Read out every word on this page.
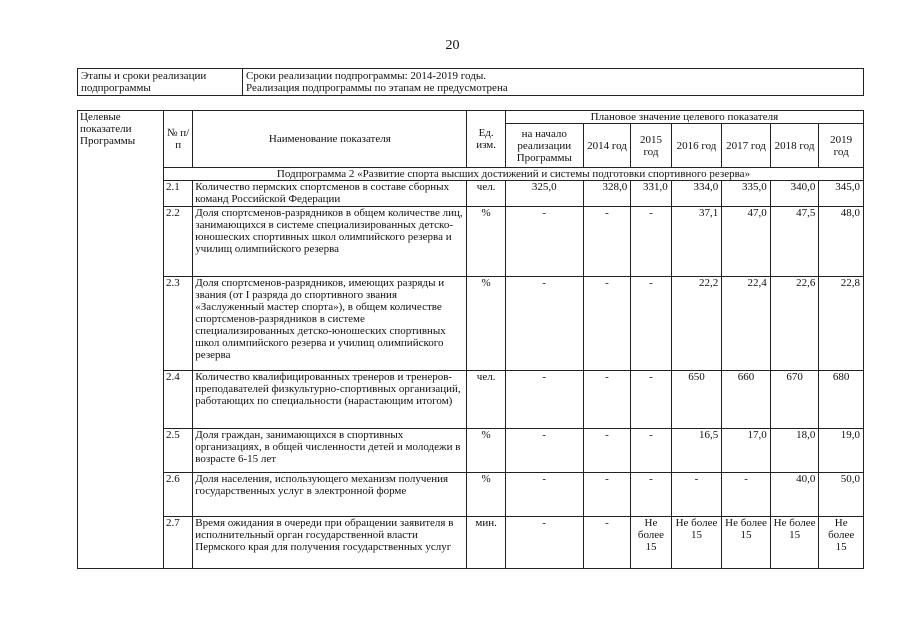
20
Этапы и сроки реализации подпрограммы	
Сроки реализации подпрограммы: 2014-2019 годы.
Реализация подпрограммы по этапам не предусмотрена
Целевые показатели Программы	№ п/п	Наименование показателя	Ед. изм.	Плановое значение целевого показателя						
				на начало реализации Программы	2014 год	2015 год	2016 год	2017 год	2018 год	2019 год
	Подпрограмма 2 «Развитие спорта высших достижений и системы подготовки спортивного резерва»									
	2.1	Количество пермских спортсменов в составе сборных команд Российской Федерации	чел.	325,0	328,0	331,0	334,0	335,0	340,0	345,0
	2.2	Доля спортсменов-разрядников в общем количестве лиц, занимающихся в системе специализированных детско-юношеских спортивных школ олимпийского резерва и училищ олимпийского резерва	%	-	-	-	37,1	47,0	47,5	48,0
	2.3	Доля спортсменов-разрядников, имеющих разряды и звания (от I разряда до спортивного звания «Заслуженный мастер спорта»), в общем количестве спортсменов-разрядников в системе специализированных детско-юношеских спортивных школ олимпийского резерва и училищ олимпийского резерва	%	-	-	-	22,2	22,4	22,6	22,8
	2.4	Количество квалифицированных тренеров и тренеров-преподавателей физкультурно-спортивных организаций, работающих по специальности (нарастающим итогом)	чел.	-	-	-	650	660	670	680
	2.5	Доля граждан, занимающихся в спортивных организациях, в общей численности детей и молодежи в возрасте 6-15 лет	%	-	-	-	16,5	17,0	18,0	19,0
	2.6	Доля населения, использующего механизм получения государственных услуг в электронной форме	%	-	-	-	-	-	40,0	50,0
	2.7	Время ожидания в очереди при обращении заявителя в исполнительный орган государственной власти Пермского края для получения государственных услуг	мин.	-	-	Не более 15	Не более 15	Не более 15	Не более 15	Не более 15
